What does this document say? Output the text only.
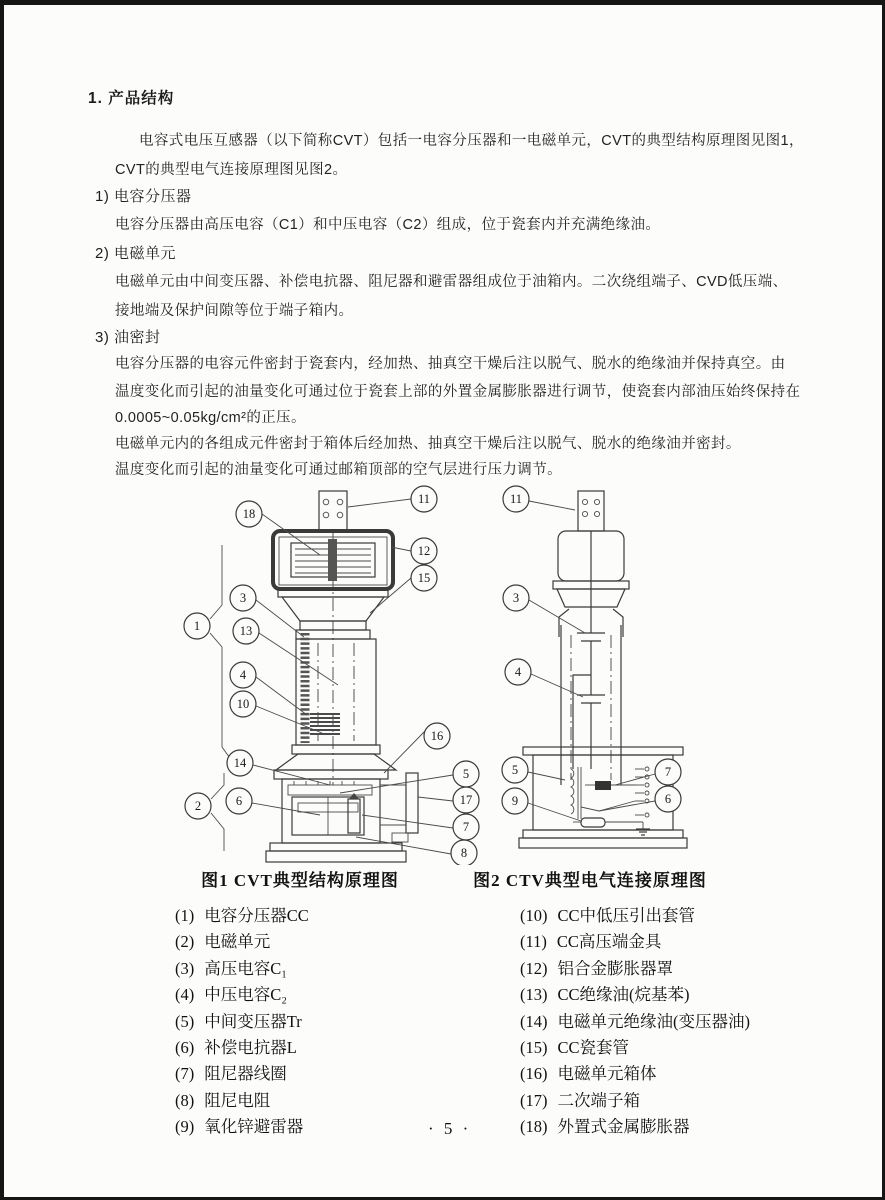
1. 产品结构
电容式电压互感器（以下简称CVT）包括一电容分压器和一电磁单元，CVT的典型结构原理图见图1，
CVT的典型电气连接原理图见图2。
1) 电容分压器
电容分压器由高压电容（C1）和中压电容（C2）组成，位于瓷套内并充满绝缘油。
2) 电磁单元
电磁单元由中间变压器、补偿电抗器、阻尼器和避雷器组成位于油箱内。二次绕组端子、CVD低压端、
接地端及保护间隙等位于端子箱内。
3) 油密封
电容分压器的电容元件密封于瓷套内，经加热、抽真空干燥后注以脱气、脱水的绝缘油并保持真空。由
温度变化而引起的油量变化可通过位于瓷套上部的外置金属膨胀器进行调节，使瓷套内部油压始终保持在
0.0005~0.05kg/cm²的正压。
电磁单元内的各组成元件密封于箱体后经加热、抽真空干燥后注以脱气、脱水的绝缘油并密封。
温度变化而引起的油量变化可通过邮箱顶部的空气层进行压力调节。
18
11
12
15
3
1	13
4
10
16
14
5
2	6	17
7
8
11
3
4
5
9
7
6
图1 CVT典型结构原理图	图2 CTV典型电气连接原理图
(1) 电容分压器CC
(2) 电磁单元
(3) 高压电容C₁
(4) 中压电容C₂
(5) 中间变压器Tr
(6) 补偿电抗器L
(7) 阻尼器线圈
(8) 阻尼电阻
(9) 氧化锌避雷器
(10) CC中低压引出套管
(11) CC高压端金具
(12) 铝合金膨胀器罩
(13) CC绝缘油(烷基苯)
(14) 电磁单元绝缘油(变压器油)
(15) CC瓷套管
(16) 电磁单元箱体
(17) 二次端子箱
(18) 外置式金属膨胀器
· 5 ·
